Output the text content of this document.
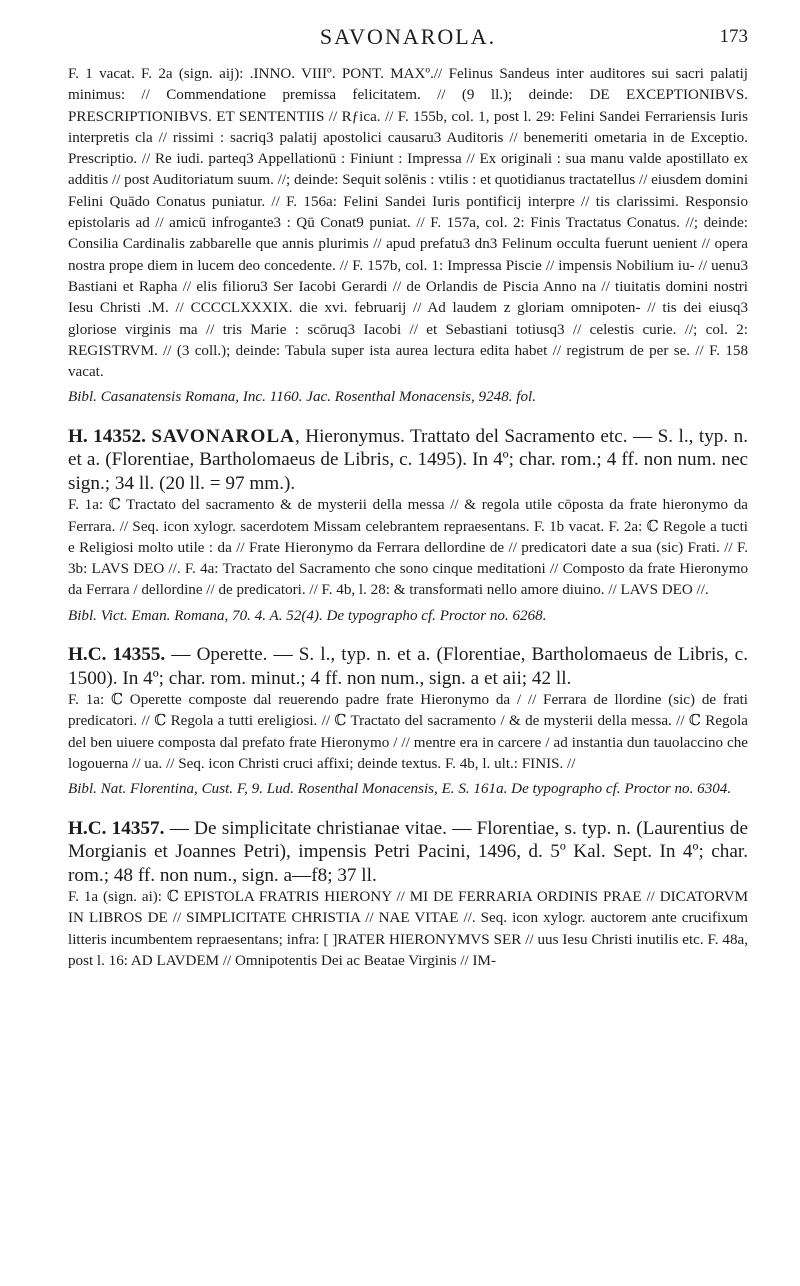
SAVONAROLA.	173

F. 1 vacat. F. 2a (sign. aij): .INNO. VIIIº. PONT. MAXº.// Felinus Sandeus inter auditores sui sacri palatij minimus: // Commendatione premissa felicitatem. // (9 ll.); deinde: DE EXCEPTIONIBVS. PRESCRIPTIONIBVS. ET SENTENTIIS // Rƒica. // F. 155b, col. 1, post l. 29: Felini Sandei Ferrariensis Iuris interpretis cla // rissimi : sacriq3 palatij apostolici causaru3 Auditoris // benemeriti ometaria in de Exceptio. Prescriptio. // Re iudi. parteq3 Appellationū : Finiunt : Impressa // Ex originali : sua manu valde apostillato ex additis // post Auditoriatum suum. //; deinde: Sequit solēnis : vtilis : et quotidianus tractatellus // eiusdem domini Felini Quādo Conatus puniatur. // F. 156a: Felini Sandei Iuris pontificij interpre // tis clarissimi. Responsio epistolaris ad // amicū infrogante3 : Qū Conat9 puniat. // F. 157a, col. 2: Finis Tractatus Conatus. //; deinde: Consilia Cardinalis zabbarelle que annis plurimis // apud prefatu3 dn3 Felinum occulta fuerunt uenient // opera nostra prope diem in lucem deo concedente. // F. 157b, col. 1: Impressa Piscie // impensis Nobilium iu- // uenu3 Bastiani et Rapha // elis filioru3 Ser Iacobi Gerardi // de Orlandis de Piscia Anno na // tiuitatis domini nostri Iesu Christi .M. // CCCCLXXXIX. die xvi. februarij // Ad laudem z gloriam omnipoten- // tis dei eiusq3 gloriose virginis ma // tris Marie : scōruq3 Iacobi // et Sebastiani totiusq3 // celestis curie. //; col. 2: REGISTRVM. // (3 coll.); deinde: Tabula super ista aurea lectura edita habet // registrum de per se. // F. 158 vacat.

Bibl. Casanatensis Romana, Inc. 1160. Jac. Rosenthal Monacensis, 9248. fol.

H. 14352. SAVONAROLA, Hieronymus. Trattato del Sacramento etc. — S. l., typ. n. et a. (Florentiae, Bartholomaeus de Libris, c. 1495). In 4º; char. rom.; 4 ff. non num. nec sign.; 34 ll. (20 ll. = 97 mm.).

F. 1a: ℂ Tractato del sacramento & de mysterii della messa // & regola utile cōposta da frate hieronymo da Ferrara. // Seq. icon xylogr. sacerdotem Missam celebrantem repraesentans. F. 1b vacat. F. 2a: ℂ Regole a tucti e Religiosi molto utile : da // Frate Hieronymo da Ferrara dellordine de // predicatori date a sua (sic) Frati. // F. 3b: LAVS DEO //. F. 4a: Tractato del Sacramento che sono cinque meditationi // Composto da frate Hieronymo da Ferrara / dellordine // de predicatori. // F. 4b, l. 28: & transformati nello amore diuino. // LAVS DEO //.

Bibl. Vict. Eman. Romana, 70. 4. A. 52(4). De typographo cf. Proctor no. 6268.

H.C. 14355. — Operette. — S. l., typ. n. et a. (Florentiae, Bartholomaeus de Libris, c. 1500). In 4º; char. rom. minut.; 4 ff. non num., sign. a et aii; 42 ll.

F. 1a: ℂ Operette composte dal reuerendo padre frate Hieronymo da / // Ferrara de llordine (sic) de frati predicatori. // ℂ Regola a tutti ereligiosi. // ℂ Tractato del sacramento / & de mysterii della messa. // ℂ Regola del ben uiuere composta dal prefato frate Hieronymo / // mentre era in carcere / ad instantia dun tauolaccino che logouerna // ua. // Seq. icon Christi cruci affixi; deinde textus. F. 4b, l. ult.: FINIS. //

Bibl. Nat. Florentina, Cust. F, 9. Lud. Rosenthal Monacensis, E. S. 161a. De typographo cf. Proctor no. 6304.

H.C. 14357. — De simplicitate christianae vitae. — Florentiae, s. typ. n. (Laurentius de Morgianis et Joannes Petri), impensis Petri Pacini, 1496, d. 5º Kal. Sept. In 4º; char. rom.; 48 ff. non num., sign. a—f8; 37 ll.

F. 1a (sign. ai): ℂ EPISTOLA FRATRIS HIERONY // MI DE FERRARIA ORDINIS PRAE // DICATORVM IN LIBROS DE // SIMPLICITATE CHRISTIA // NAE VITAE //. Seq. icon xylogr. auctorem ante crucifixum litteris incumbentem repraesentans; infra: [ ]RATER HIERONYMVS SER // uus Iesu Christi inutilis etc. F. 48a, post l. 16: AD LAVDEM // Omnipotentis Dei ac Beatae Virginis // IM-
